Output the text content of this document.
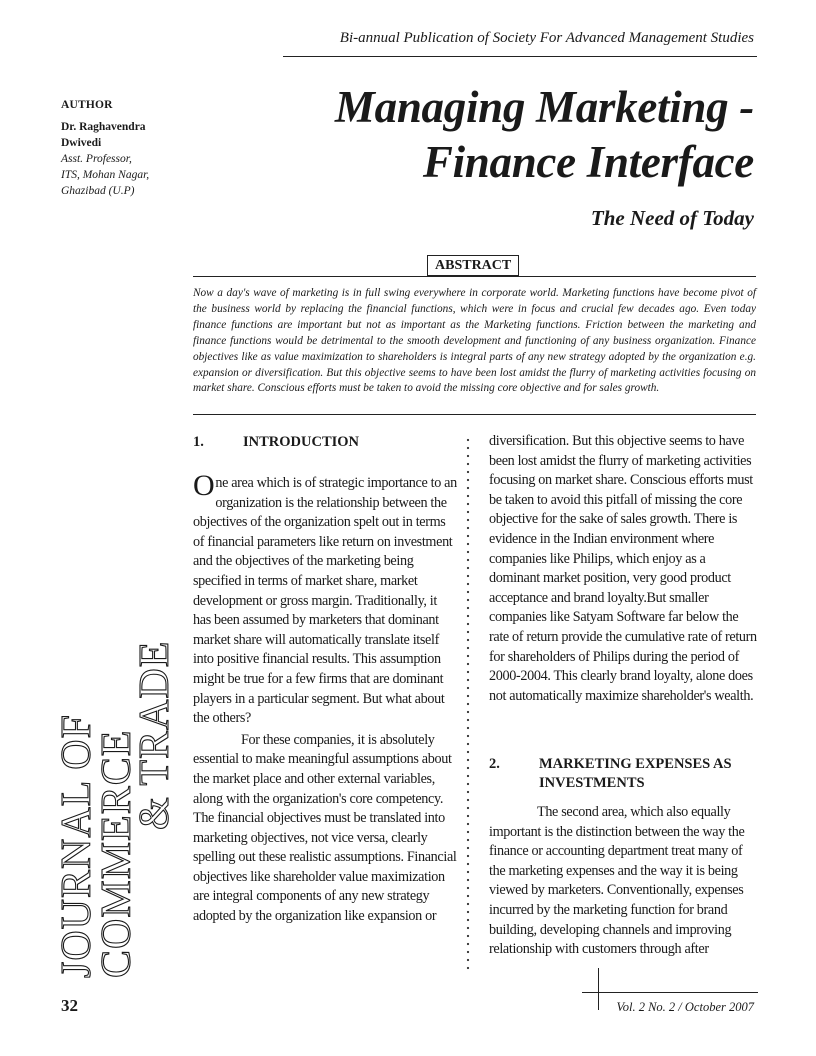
Bi-annual Publication of Society For Advanced Management Studies
AUTHOR
Dr. Raghavendra
Dwivedi
Asst. Professor,
ITS, Mohan Nagar,
Ghazibad (U.P)
Managing Marketing -
Finance Interface
The Need of Today
ABSTRACT
Now a day's wave of marketing is in full swing everywhere in corporate world. Marketing functions have become pivot of the business world by replacing the financial functions, which were in focus and crucial few decades ago. Even today finance functions are important but not as important as the Marketing functions. Friction between the marketing and finance functions would be detrimental to the smooth development and functioning of any business organization. Finance objectives like as value maximization to shareholders is integral parts of any new strategy adopted by the organization e.g. expansion or diversification. But this objective seems to have been lost amidst the flurry of marketing activities focusing on market share. Conscious efforts must be taken to avoid the missing core objective and for sales growth.
1.	INTRODUCTION
One area which is of strategic importance to an organization is the relationship between the objectives of the organization spelt out in terms of financial parameters like return on investment and the objectives of the marketing being specified in terms of market share, market development or gross margin. Traditionally, it has been assumed by marketers that dominant market share will automatically translate itself into positive financial results. This assumption might be true for a few firms that are dominant players in a particular segment. But what about the others?
For these companies, it is absolutely essential to make meaningful assumptions about the market place and other external variables, along with the organization's core competency. The financial objectives must be translated into marketing objectives, not vice versa, clearly spelling out these realistic assumptions. Financial objectives like shareholder value maximization are integral components of any new strategy adopted by the organization like expansion or
diversification. But this objective seems to have been lost amidst the flurry of marketing activities focusing on market share. Conscious efforts must be taken to avoid this pitfall of missing the core objective for the sake of sales growth. There is evidence in the Indian environment where companies like Philips, which enjoy as a dominant market position, very good product acceptance and brand loyalty.But smaller companies like Satyam Software far below the rate of return provide the cumulative rate of return for shareholders of Philips during the period of 2000-2004. This clearly brand loyalty, alone does not automatically maximize shareholder's wealth.
2.	MARKETING EXPENSES AS
INVESTMENTS
The second area, which also equally important is the distinction between the way the finance or accounting department treat many of the marketing expenses and the way it is being viewed by marketers. Conventionally, expenses incurred by the marketing function for brand building, developing channels and improving relationship with customers through after
JOURNAL OF
COMMERCE
& TRADE
32	Vol. 2 No. 2 / October 2007
